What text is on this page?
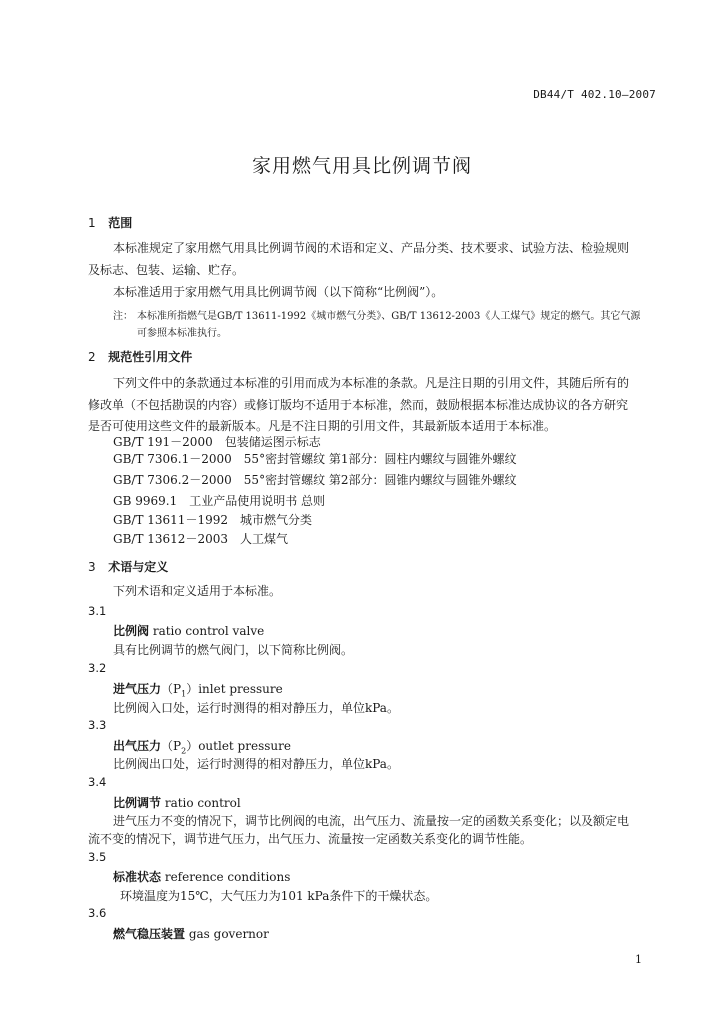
DB44/T 402.10—2007
家用燃气用具比例调节阀
1 范围
本标准规定了家用燃气用具比例调节阀的术语和定义、产品分类、技术要求、试验方法、检验规则
及标志、包装、运输、贮存。
本标准适用于家用燃气用具比例调节阀（以下简称“比例阀”）。
注： 本标准所指燃气是GB/T 13611-1992《城市燃气分类》、GB/T 13612-2003《人工煤气》规定的燃气。其它气源
可参照本标准执行。
2 规范性引用文件
下列文件中的条款通过本标准的引用而成为本标准的条款。凡是注日期的引用文件，其随后所有的
修改单（不包括勘误的内容）或修订版均不适用于本标准，然而，鼓励根据本标准达成协议的各方研究
是否可使用这些文件的最新版本。凡是不注日期的引用文件，其最新版本适用于本标准。
GB/T 191－2000　包装储运图示标志
GB/T 7306.1－2000　55°密封管螺纹 第1部分：圆柱内螺纹与圆锥外螺纹
GB/T 7306.2－2000　55°密封管螺纹 第2部分：圆锥内螺纹与圆锥外螺纹
GB 9969.1　工业产品使用说明书 总则
GB/T 13611－1992　城市燃气分类
GB/T 13612－2003　人工煤气
3 术语与定义
下列术语和定义适用于本标准。
3.1
比例阀 ratio control valve
具有比例调节的燃气阀门，以下简称比例阀。
3.2
进气压力$(P_1)inlet$ pressure
比例阀入口处，运行时测得的相对静压力，单位kPa。
3.3
出气压力$(P_2)outlet$ pressure
比例阀出口处，运行时测得的相对静压力，单位kPa。
3.4
比例调节 ratio control
进气压力不变的情况下，调节比例阀的电流，出气压力、流量按一定的函数关系变化；以及额定电
流不变的情况下，调节进气压力，出气压力、流量按一定函数关系变化的调节性能。
3.5
标准状态 reference conditions
环境温度为15℃，大气压力为101 kPa条件下的干燥状态。
3.6
燃气稳压装置 gas governor
1
